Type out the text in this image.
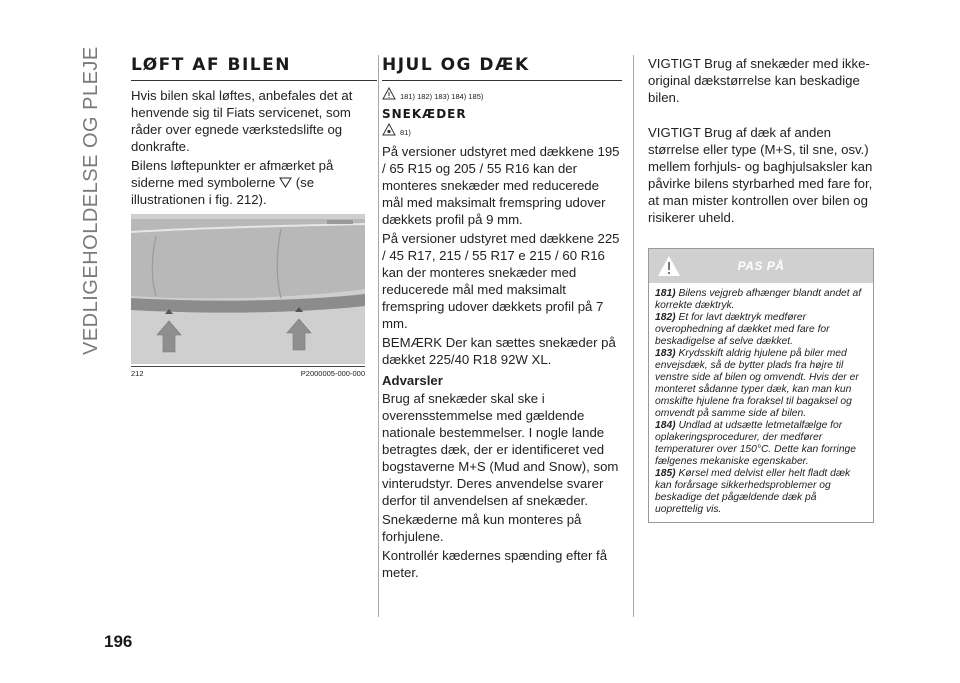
VEDLIGEHOLDELSE OG PLEJE
196
LØFT AF BILEN

Hvis bilen skal løftes, anbefales det at henvende sig til Fiats servicenet, som råder over egnede værkstedslifte og donkrafte.

Bilens løftepunkter er afmærket på siderne med symbolerne (se illustrationen i fig. 212).

212	P2000005-000-000
HJUL OG DÆK
181) 182) 183) 184) 185)
SNEKÆDER
81)

På versioner udstyret med dækkene 195 / 65 R15 og 205 / 55 R16 kan der monteres snekæder med reducerede mål med maksimalt fremspring udover dækkets profil på 9 mm.

På versioner udstyret med dækkene 225 / 45 R17, 215 / 55 R17 e 215 / 60 R16 kan der monteres snekæder med reducerede mål med maksimalt fremspring udover dækkets profil på 7 mm.

BEMÆRK Der kan sættes snekæder på dækket 225/40 R18 92W XL.

Advarsler

Brug af snekæder skal ske i overensstemmelse med gældende nationale bestemmelser. I nogle lande betragtes dæk, der er identificeret ved bogstaverne M+S (Mud and Snow), som vinterudstyr. Deres anvendelse svarer derfor til anvendelsen af snekæder.

Snekæderne må kun monteres på forhjulene.

Kontrollér kædernes spænding efter få meter.

VIGTIGT Brug af snekæder med ikke-original dækstørrelse kan beskadige bilen.

VIGTIGT Brug af dæk af anden størrelse eller type (M+S, til sne, osv.) mellem forhjuls- og baghjulsaksler kan påvirke bilens styrbarhed med fare for, at man mister kontrollen over bilen og risikerer uheld.

PAS PÅ

181) Bilens vejgreb afhænger blandt andet af korrekte dæktryk.

182) Et for lavt dæktryk medfører overophedning af dækket med fare for beskadigelse af selve dækket.

183) Krydsskift aldrig hjulene på biler med envejsdæk, så de bytter plads fra højre til venstre side af bilen og omvendt. Hvis der er monteret sådanne typer dæk, kan man kun omskifte hjulene fra foraksel til bagaksel og omvendt på samme side af bilen.

184) Undlad at udsætte letmetalfælge for oplakeringsprocedurer, der medfører temperaturer over 150°C. Dette kan forringe fælgenes mekaniske egenskaber.

185) Kørsel med delvist eller helt fladt dæk kan forårsage sikkerhedsproblemer og beskadige det pågældende dæk på uoprettelig vis.
